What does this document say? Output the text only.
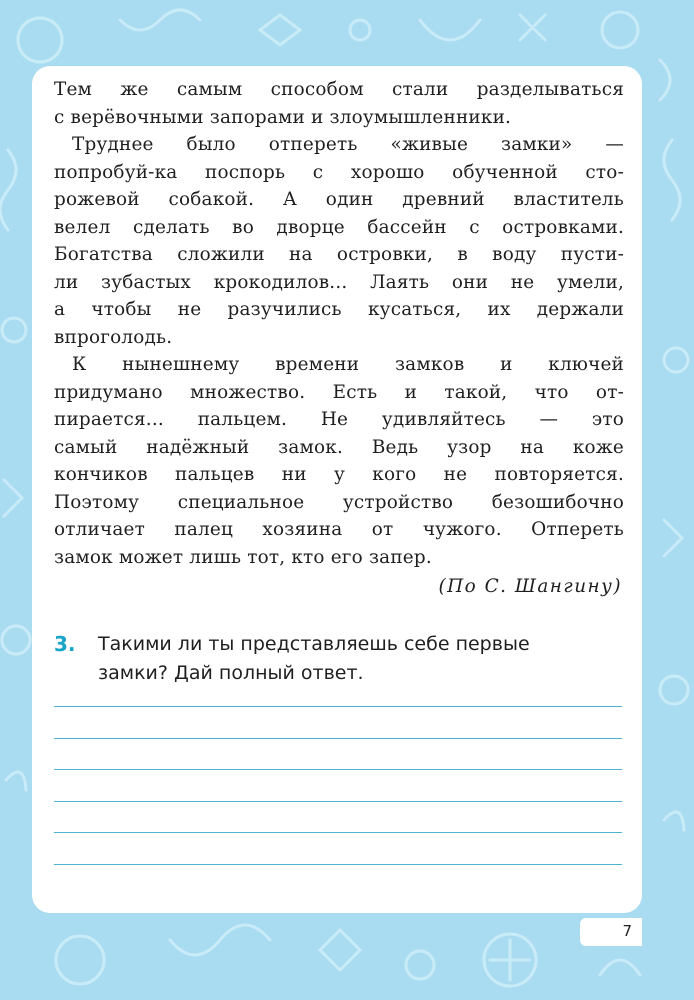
Тем же самым способом стали разделываться
с верёвочными запорами и злоумышленники.
Труднее было отпереть «живые замки» —
попробуй-ка поспорь с хорошо обученной сто-
рожевой собакой. А один древний властитель
велел сделать во дворце бассейн с островками.
Богатства сложили на островки, в воду пусти-
ли зубастых крокодилов... Лаять они не умели,
а чтобы не разучились кусаться, их держали
впроголодь.
К нынешнему времени замков и ключей
придумано множество. Есть и такой, что от-
пирается... пальцем. Не удивляйтесь — это
самый надёжный замок. Ведь узор на коже
кончиков пальцев ни у кого не повторяется.
Поэтому специальное устройство безошибочно
отличает палец хозяина от чужого. Отпереть
замок может лишь тот, кто его запер.
(По С. Шангину)
3. Такими ли ты представляешь себе первые
замки? Дай полный ответ.
7
